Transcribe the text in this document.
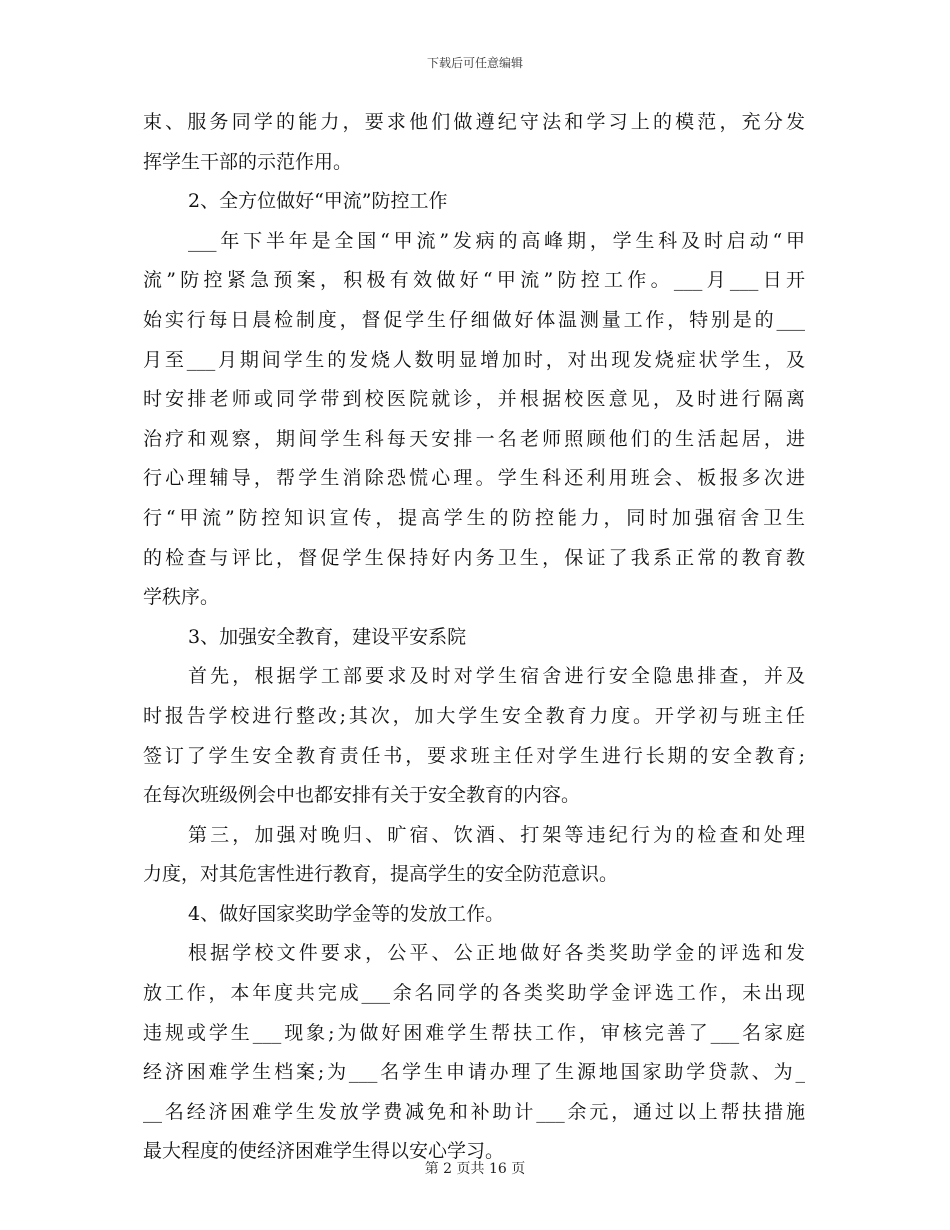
下载后可任意编辑
束、服务同学的能力，要求他们做遵纪守法和学习上的模范，充分发
挥学生干部的示范作用。
2、全方位做好“甲流”防控工作
___年下半年是全国“甲流”发病的高峰期，学生科及时启动“甲
流”防控紧急预案，积极有效做好“甲流”防控工作。___月___日开
始实行每日晨检制度，督促学生仔细做好体温测量工作，特别是的___
月至___月期间学生的发烧人数明显增加时，对出现发烧症状学生，及
时安排老师或同学带到校医院就诊，并根据校医意见，及时进行隔离
治疗和观察，期间学生科每天安排一名老师照顾他们的生活起居，进
行心理辅导，帮学生消除恐慌心理。学生科还利用班会、板报多次进
行“甲流”防控知识宣传，提高学生的防控能力，同时加强宿舍卫生
的检查与评比，督促学生保持好内务卫生，保证了我系正常的教育教
学秩序。
3、加强安全教育，建设平安系院
首先，根据学工部要求及时对学生宿舍进行安全隐患排查，并及
时报告学校进行整改;其次，加大学生安全教育力度。开学初与班主任
签订了学生安全教育责任书，要求班主任对学生进行长期的安全教育;
在每次班级例会中也都安排有关于安全教育的内容。
第三，加强对晚归、旷宿、饮酒、打架等违纪行为的检查和处理
力度，对其危害性进行教育，提高学生的安全防范意识。
4、做好国家奖助学金等的发放工作。
根据学校文件要求，公平、公正地做好各类奖助学金的评选和发
放工作，本年度共完成___余名同学的各类奖助学金评选工作，未出现
违规或学生___现象;为做好困难学生帮扶工作，审核完善了___名家庭
经济困难学生档案;为___名学生申请办理了生源地国家助学贷款、为_
__名经济困难学生发放学费减免和补助计___余元，通过以上帮扶措施
最大程度的使经济困难学生得以安心学习。
第 2 页共 16 页
